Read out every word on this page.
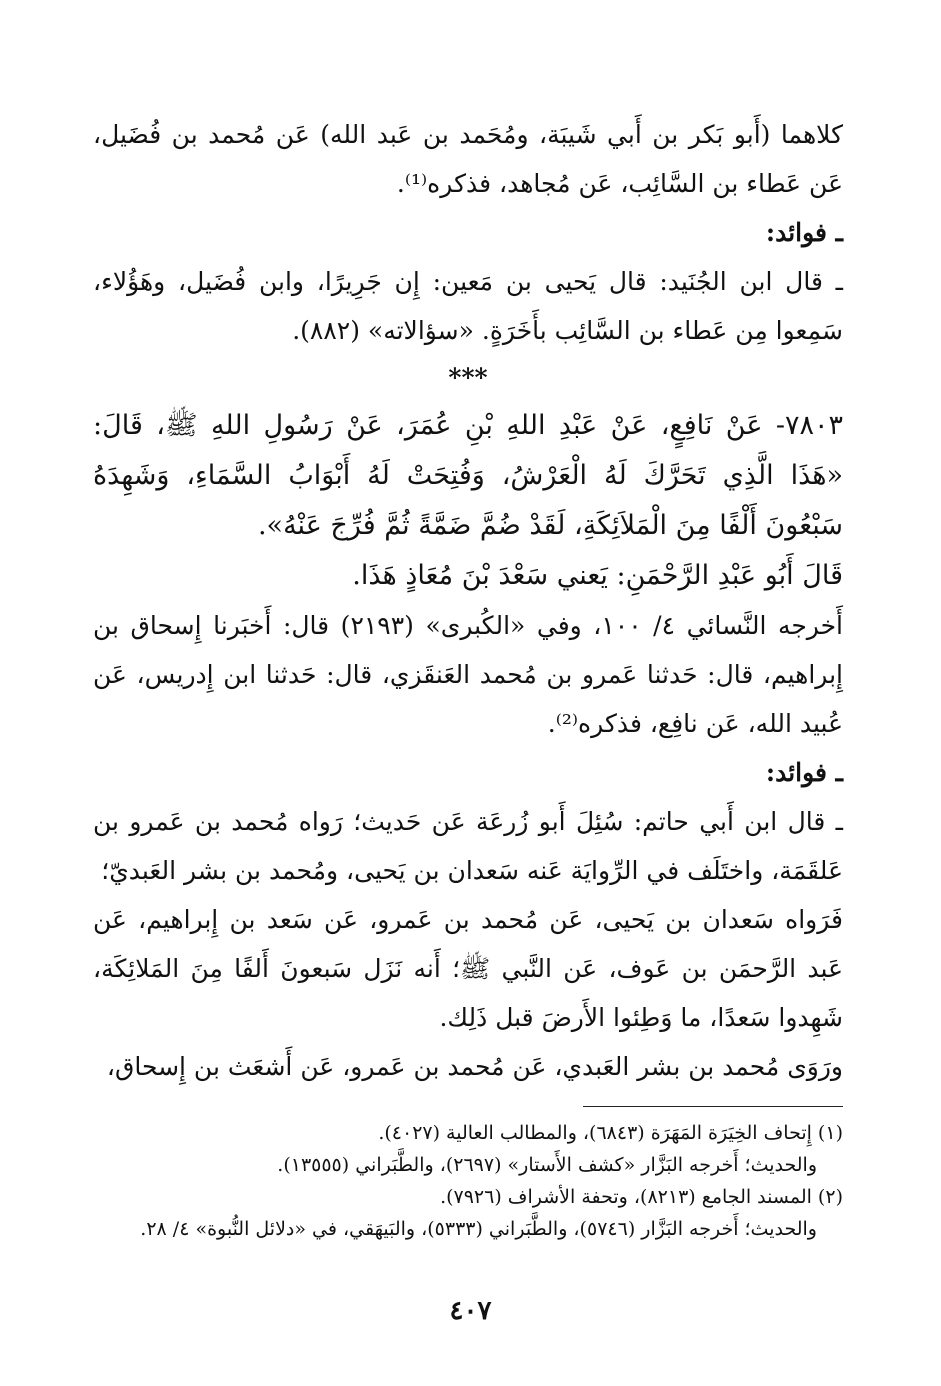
كلاهما (أَبو بَكر بن أَبي شَيبَة، ومُحَمد بن عَبد الله) عَن مُحمد بن فُضَيل، عَن عَطاء بن السَّائِب، عَن مُجاهد، فذكره⁽¹⁾.

ـ فوائد:

ـ قال ابن الجُنَيد: قال يَحيى بن مَعين: إِن جَرِيرًا، وابن فُضَيل، وهَؤُلاء، سَمِعوا مِن عَطاء بن السَّائِب بأَخَرَةٍ. «سؤالاته» (٨٨٢).

***

٧٨٠٣- عَنْ نَافِعٍ، عَنْ عَبْدِ اللهِ بْنِ عُمَرَ، عَنْ رَسُولِ اللهِ ﷺ، قَالَ: «هَذَا الَّذِي تَحَرَّكَ لَهُ الْعَرْشُ، وَفُتِحَتْ لَهُ أَبْوَابُ السَّمَاءِ، وَشَهِدَهُ سَبْعُونَ أَلْفًا مِنَ الْمَلاَئِكَةِ، لَقَدْ ضُمَّ ضَمَّةً ثُمَّ فُرِّجَ عَنْهُ».

قَالَ أَبُو عَبْدِ الرَّحْمَنِ: يَعني سَعْدَ بْنَ مُعَاذٍ هَذَا.

أَخرجه النَّسائي ٤/ ١٠٠، وفي «الكُبرى» (٢١٩٣) قال: أَخبَرنا إِسحاق بن إِبراهيم، قال: حَدثنا عَمرو بن مُحمد العَنقَزي، قال: حَدثنا ابن إِدريس، عَن عُبيد الله، عَن نافِع، فذكره⁽²⁾.

ـ فوائد:

ـ قال ابن أَبي حاتم: سُئِلَ أَبو زُرعَة عَن حَديث؛ رَواه مُحمد بن عَمرو بن عَلقَمَة، واختَلَف في الرِّوايَة عَنه سَعدان بن يَحيى، ومُحمد بن بشر العَبديّ؛

فَرَواه سَعدان بن يَحيى، عَن مُحمد بن عَمرو، عَن سَعد بن إِبراهيم، عَن عَبد الرَّحمَن بن عَوف، عَن النَّبي ﷺ؛ أَنه نَزَل سَبعونَ أَلفًا مِنَ المَلائِكَة، شَهِدوا سَعدًا، ما وَطِئوا الأَرضَ قبل ذَلِك.

ورَوَى مُحمد بن بشر العَبدي، عَن مُحمد بن عَمرو، عَن أَشعَث بن إِسحاق،

(١) إِتحاف الخِيَرَة المَهَرَة (٦٨٤٣)، والمطالب العالية (٤٠٢٧).

والحديث؛ أَخرجه البَزَّار «كشف الأَستار» (٢٦٩٧)، والطَّبَراني (١٣٥٥٥).

(٢) المسند الجامع (٨٢١٣)، وتحفة الأشراف (٧٩٢٦).

والحديث؛ أَخرجه البَزَّار (٥٧٤٦)، والطَّبَراني (٥٣٣٣)، والبَيهَقي، في «دلائل النُّبوة» ٤/ ٢٨.

٤٠٧
